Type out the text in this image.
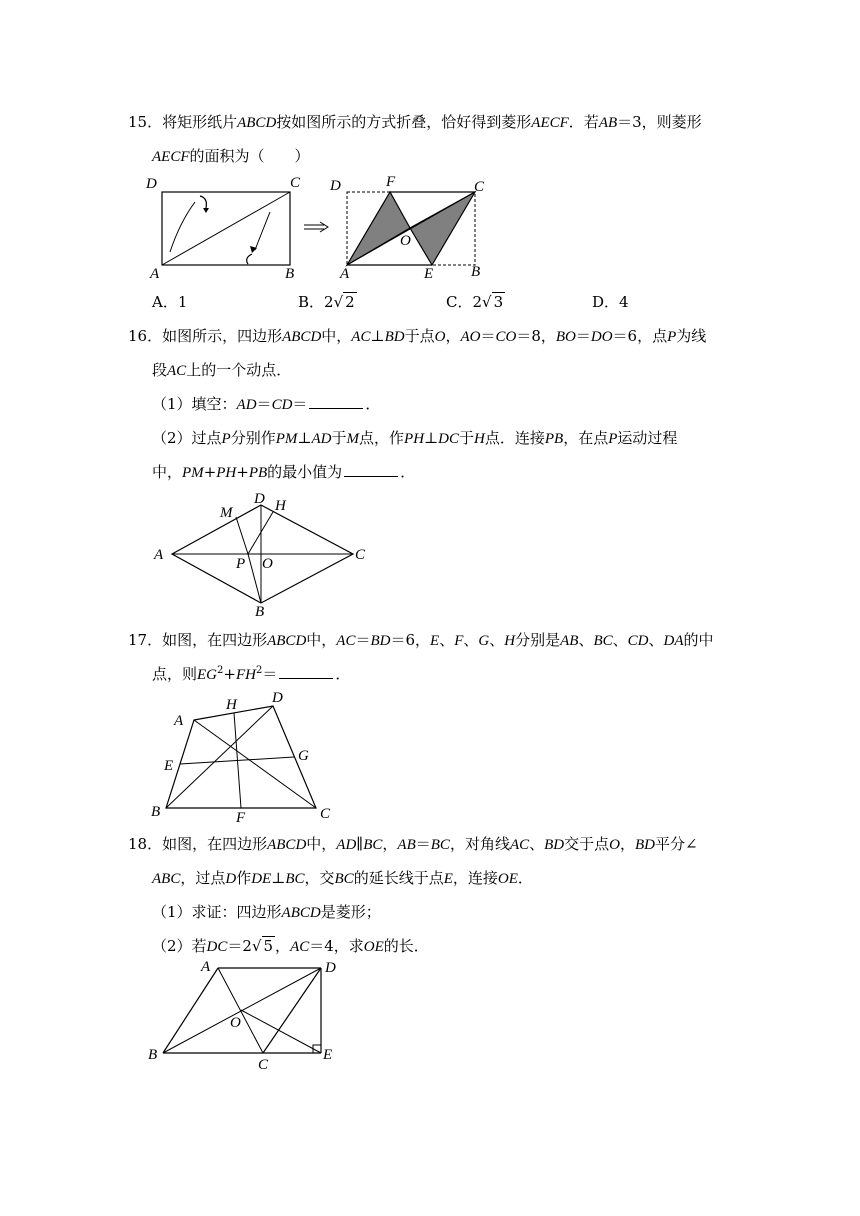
15．将矩形纸片ABCD按如图所示的方式折叠，恰好得到菱形AECF．若AB＝3，则菱形
AECF的面积为（　　）
D	C
A	B
D	F	C
O
A	E	B
A．1	B．2√ 2	C．2√ 3	D．4
16．如图所示，四边形ABCD中，AC⊥BD于点O，AO＝CO＝8，BO＝DO＝6，点P为线
段AC上的一个动点．
（1）填空：AD＝CD＝	．
（2）过点P分别作PM⊥AD于M点，作PH⊥DC于H点．连接PB，在点P运动过程
中，PM+PH+PB的最小值为	．
D H
M
A
P O
C
B
17．如图，在四边形ABCD中，AC＝BD＝6，E、F、G、H分别是AB、BC、CD、DA的中
点，则$EG^2+FH^2=$	．
H D
A
G
E
B	F	C
18．如图，在四边形ABCD中，AD∥BC，AB＝BC，对角线AC、BD交于点O，BD平分∠
ABC，过点D作DE⊥BC，交BC的延长线于点E，连接OE．
（1）求证：四边形ABCD是菱形；
（2）若DC＝2√ 5 ，AC＝4，求OE的长．
A	D
O
B
C
E
